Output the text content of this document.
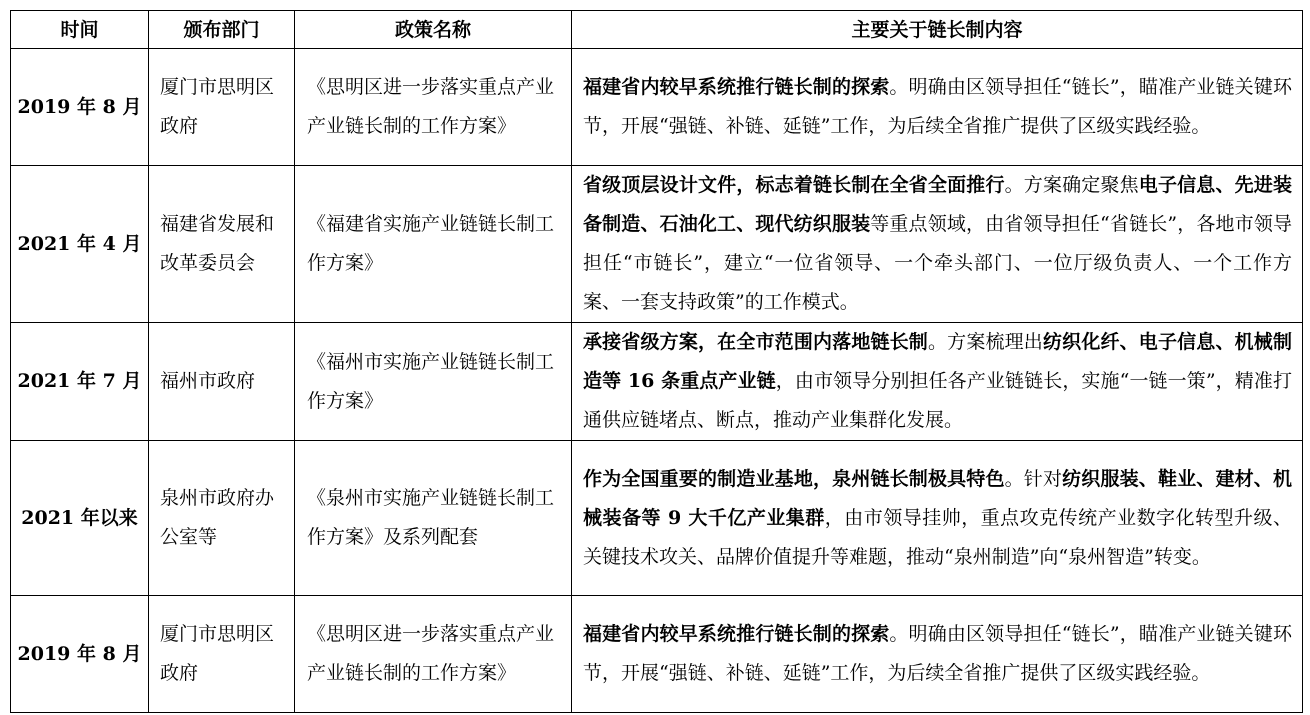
时间	颁布部门	政策名称	主要关于链长制内容
2019 年 8 月	厦门市思明区政府	《思明区进一步落实重点产业产业链长制的工作方案》	福建省内较早系统推行链长制的探索。明确由区领导担任“链长”，瞄准产业链关键环节，开展“强链、补链、延链”工作，为后续全省推广提供了区级实践经验。
2021 年 4 月	福建省发展和改革委员会	《福建省实施产业链链长制工作方案》	省级顶层设计文件，标志着链长制在全省全面推行。方案确定聚焦电子信息、先进装备制造、石油化工、现代纺织服装等重点领域，由省领导担任“省链长”，各地市领导担任“市链长”，建立“一位省领导、一个牵头部门、一位厅级负责人、一个工作方案、一套支持政策”的工作模式。
2021 年 7 月	福州市政府	《福州市实施产业链链长制工作方案》	承接省级方案，在全市范围内落地链长制。方案梳理出纺织化纤、电子信息、机械制造等 16 条重点产业链，由市领导分别担任各产业链链长，实施“一链一策”，精准打通供应链堵点、断点，推动产业集群化发展。
2021 年以来	泉州市政府办公室等	《泉州市实施产业链链长制工作方案》及系列配套	作为全国重要的制造业基地，泉州链长制极具特色。针对纺织服装、鞋业、建材、机械装备等 9 大千亿产业集群，由市领导挂帅，重点攻克传统产业数字化转型升级、关键技术攻关、品牌价值提升等难题，推动“泉州制造”向“泉州智造”转变。
2019 年 8 月	厦门市思明区政府	《思明区进一步落实重点产业产业链长制的工作方案》	福建省内较早系统推行链长制的探索。明确由区领导担任“链长”，瞄准产业链关键环节，开展“强链、补链、延链”工作，为后续全省推广提供了区级实践经验。
